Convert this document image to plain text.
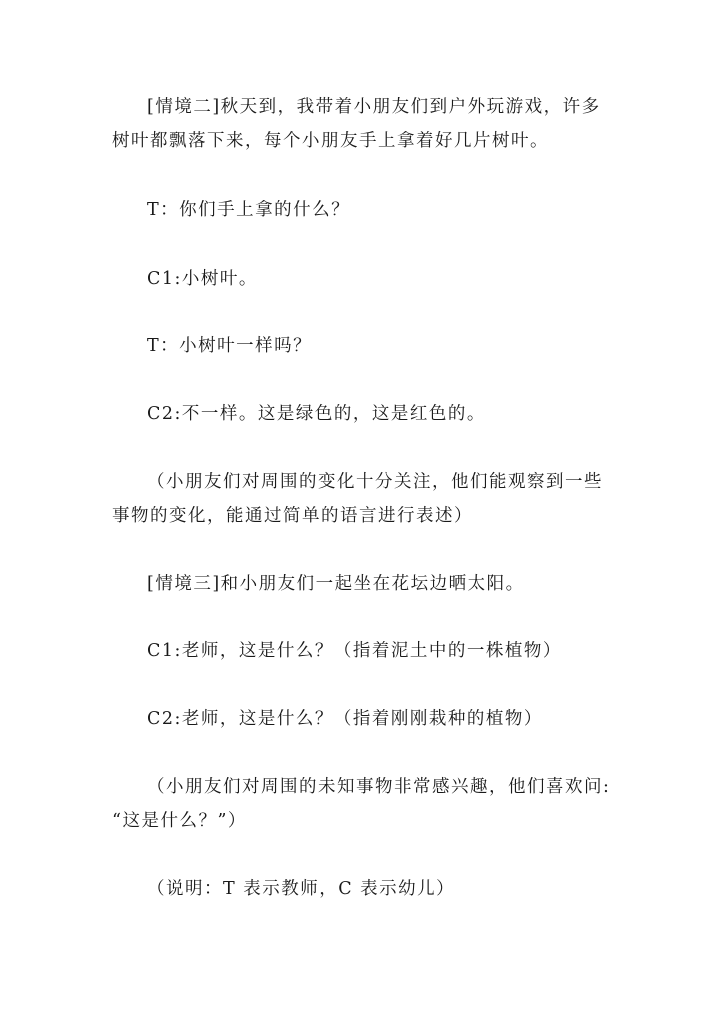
[情境二]秋天到，我带着小朋友们到户外玩游戏，许多
树叶都飘落下来，每个小朋友手上拿着好几片树叶。

T：你们手上拿的什么？

C1:小树叶。

T：小树叶一样吗？

C2:不一样。这是绿色的，这是红色的。

（小朋友们对周围的变化十分关注，他们能观察到一些
事物的变化，能通过简单的语言进行表述）

[情境三]和小朋友们一起坐在花坛边晒太阳。

C1:老师，这是什么？（指着泥土中的一株植物）

C2:老师，这是什么？（指着刚刚栽种的植物）

（小朋友们对周围的未知事物非常感兴趣，他们喜欢问:
“这是什么？”）

（说明：T 表示教师，C 表示幼儿）
